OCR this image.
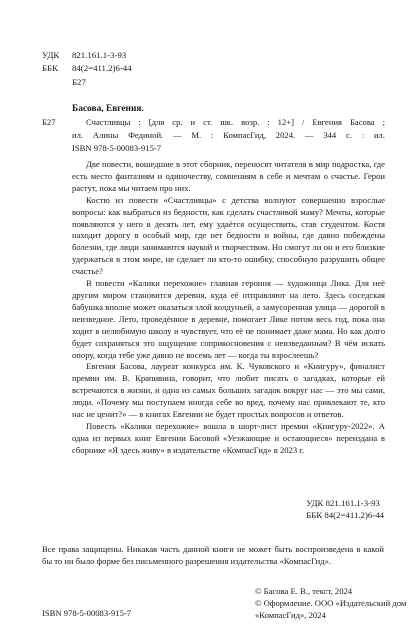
УДК 821.161.1-3-93
ББК 84(2=411.2)6-44
Б27
Басова, Евгения.
Б27	Счастливцы : [для ср. и ст. шк. возр. : 12+] / Евгения Басова ;
ил. Алины Фединой. — М. : КомпасГид, 2024. — 344 с. : ил.
ISBN 978-5-00083-915-7

Две повести, вошедшие в этот сборник, переносят читателя в мир подростка, где есть место фантазиям и одиночеству, сомнениям в себе и мечтам о счастье. Герои растут, пока мы читаем про них.

Костю из повести «Счастливцы» с детства волнуют совершенно взрослые вопросы: как выбраться из бедности, как сделать счастливой маму? Мечты, которые появляются у него в десять лет, ему удаётся осуществить, став студентом. Костя находит дорогу в особый мир, где нет бедности и войны, где давно побеждены болезни, где люди занимаются наукой и творчеством. Но смогут ли он и его близкие удержаться в этом мире, не сделает ли кто-то ошибку, способную разрушить общее счастье?

В повести «Калики перехожие» главная героиня — художница Лика. Для неё другим миром становится деревня, куда её отправляют на лето. Здесь соседская бабушка вполне может оказаться злой колдуньей, а замусоренная улица — дорогой в неизведное. Лето, проведённое в деревне, помогает Лике потом весь год, пока она ходит в нелюбимую школу и чувствует, что её не понимает даже мама. Но как долго будет сохраняться это ощущение соприкосновения с неизведанным? В чём искать опору, когда тебе уже давно не восемь лет — когда ты взрослеешь?

Евгения Басова, лауреат конкурса им. К. Чуковского и «Книгуру», финалист премии им. В. Крапивина, говорит, что любит писать о загадках, которые ей встречаются в жизни, и одна из самых больших загадок вокруг нас — это мы сами, люди. «Почему мы поступаем иногда себе во вред, почему нас привлекают те, кто нас не ценит?» — в книгах Евгении не будет простых вопросов и ответов.

Повесть «Калики перехожие» вошла в шорт-лист премии «Книгуру-2022». А одна из первых книг Евгении Басовой «Уезжающие и остающиеся» переиздана в сборнике «Я здесь живу» в издательстве «КомпасГид» в 2023 г.

УДК 821.161.1-3-93
ББК 84(2=411.2)6-44
Все права защищены. Никакая часть данной книги не может быть воспроизведена в какой бы то ни было форме без письменного разрешения издательства «КомпасГид».
© Басова Е. В., текст, 2024
© Оформление. ООО «Издательский дом
«КомпасГид», 2024
ISBN 978-5-00083-915-7
